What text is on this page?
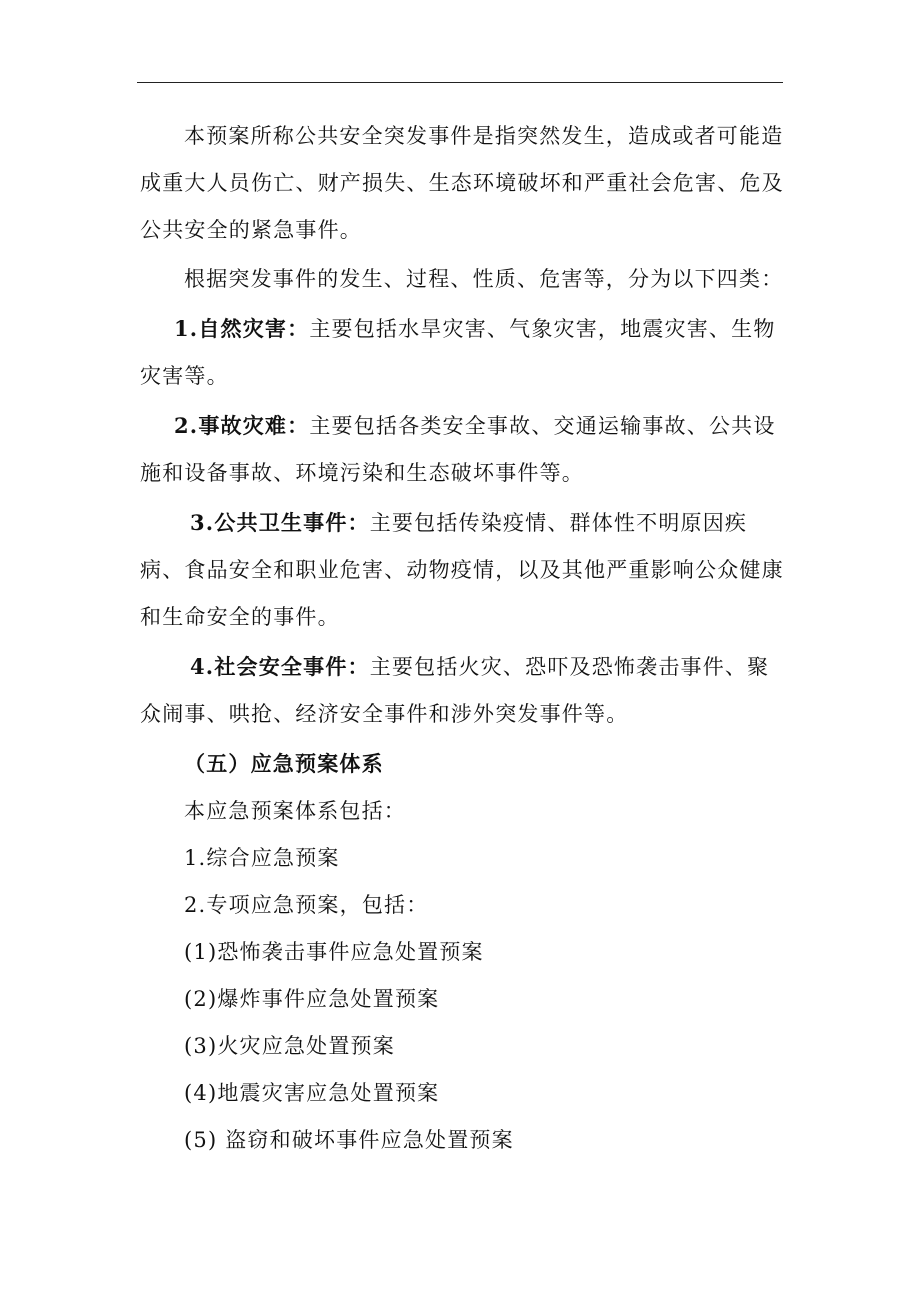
本预案所称公共安全突发事件是指突然发生，造成或者可能造成重大人员伤亡、财产损失、生态环境破坏和严重社会危害、危及公共安全的紧急事件。

根据突发事件的发生、过程、性质、危害等，分为以下四类：

1.自然灾害：主要包括水旱灾害、气象灾害，地震灾害、生物灾害等。

2.事故灾难：主要包括各类安全事故、交通运输事故、公共设施和设备事故、环境污染和生态破坏事件等。

3.公共卫生事件：主要包括传染疫情、群体性不明原因疾病、食品安全和职业危害、动物疫情，以及其他严重影响公众健康和生命安全的事件。

4.社会安全事件：主要包括火灾、恐吓及恐怖袭击事件、聚众闹事、哄抢、经济安全事件和涉外突发事件等。

（五）应急预案体系

本应急预案体系包括：
1.综合应急预案
2.专项应急预案，包括：
(1)恐怖袭击事件应急处置预案
(2)爆炸事件应急处置预案
(3)火灾应急处置预案
(4)地震灾害应急处置预案
(5) 盗窃和破坏事件应急处置预案
